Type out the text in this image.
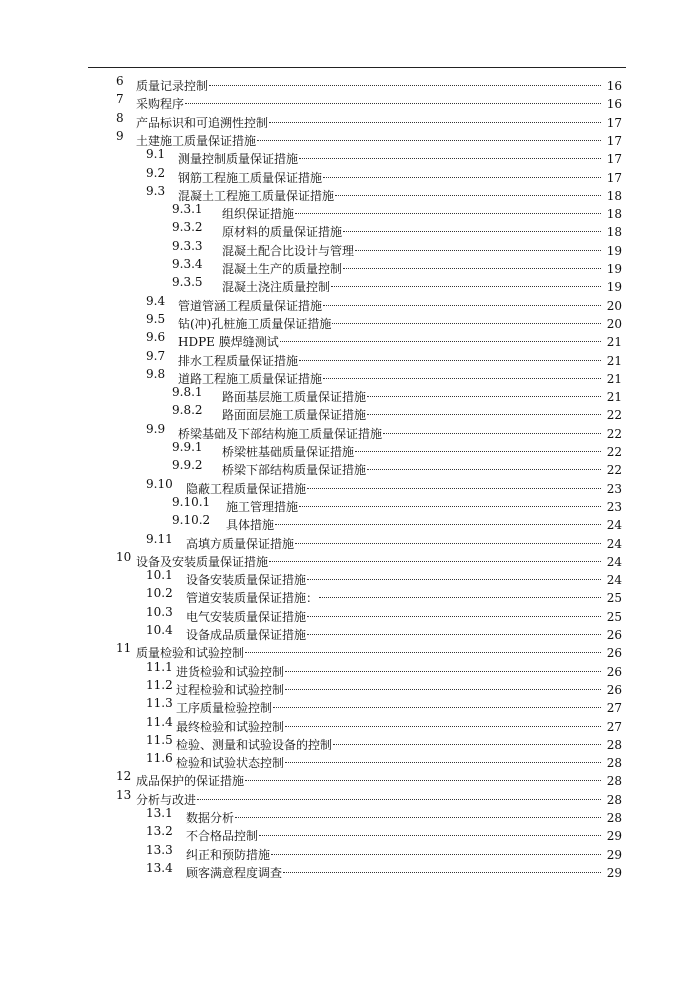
6	质量记录控制	16
7	采购程序	16
8	产品标识和可追溯性控制	17
9	土建施工质量保证措施	17
9.1 测量控制质量保证措施	17
9.2 钢筋工程施工质量保证措施	17
9.3 混凝土工程施工质量保证措施	18
9.3.1 组织保证措施	18
9.3.2 原材料的质量保证措施	18
9.3.3 混凝土配合比设计与管理	19
9.3.4 混凝土生产的质量控制	19
9.3.5 混凝土浇注质量控制	19
9.4 管道管涵工程质量保证措施	20
9.5 钻(冲)孔桩施工质量保证措施	20
9.6 HDPE 膜焊缝测试	21
9.7 排水工程质量保证措施	21
9.8 道路工程施工质量保证措施	21
9.8.1 路面基层施工质量保证措施	21
9.8.2 路面面层施工质量保证措施	22
9.9 桥梁基础及下部结构施工质量保证措施	22
9.9.1 桥梁桩基础质量保证措施	22
9.9.2 桥梁下部结构质量保证措施	22
9.10 隐蔽工程质量保证措施	23
9.10.1 施工管理措施	23
9.10.2 具体措施	24
9.11 高填方质量保证措施	24
10 设备及安装质量保证措施	24
10.1 设备安装质量保证措施	24
10.2 管道安装质量保证措施：	25
10.3 电气安装质量保证措施	25
10.4 设备成品质量保证措施	26
11 质量检验和试验控制	26
11.1 进货检验和试验控制	26
11.2 过程检验和试验控制	26
11.3 工序质量检验控制	27
11.4 最终检验和试验控制	27
11.5 检验、测量和试验设备的控制	28
11.6 检验和试验状态控制	28
12 成品保护的保证措施	28
13 分析与改进	28
13.1 数据分析	28
13.2 不合格品控制	29
13.3 纠正和预防措施	29
13.4 顾客满意程度调查	29
